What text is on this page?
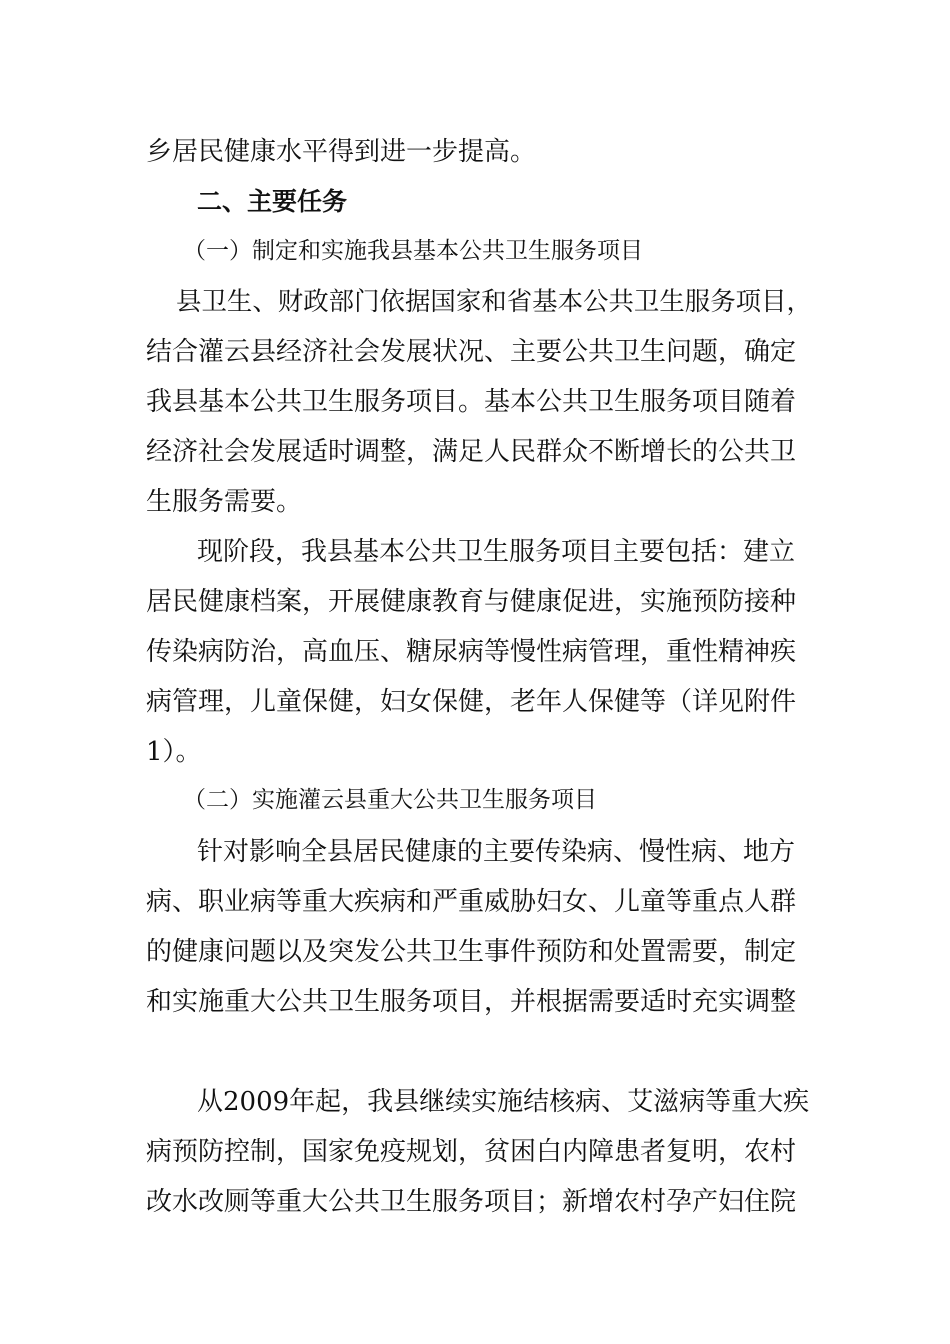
乡居民健康水平得到进一步提高。

二、主要任务

（一）制定和实施我县基本公共卫生服务项目

县卫生、财政部门依据国家和省基本公共卫生服务项目，

结合灌云县经济社会发展状况、主要公共卫生问题，确定

我县基本公共卫生服务项目。基本公共卫生服务项目随着

经济社会发展适时调整，满足人民群众不断增长的公共卫

生服务需要。

现阶段，我县基本公共卫生服务项目主要包括：建立

居民健康档案，开展健康教育与健康促进，实施预防接种

传染病防治，高血压、糖尿病等慢性病管理，重性精神疾

病管理，儿童保健，妇女保健，老年人保健等（详见附件

1）。

（二）实施灌云县重大公共卫生服务项目

针对影响全县居民健康的主要传染病、慢性病、地方

病、职业病等重大疾病和严重威胁妇女、儿童等重点人群

的健康问题以及突发公共卫生事件预防和处置需要，制定

和实施重大公共卫生服务项目，并根据需要适时充实调整

从2009年起，我县继续实施结核病、艾滋病等重大疾

病预防控制，国家免疫规划，贫困白内障患者复明，农村

改水改厕等重大公共卫生服务项目；新增农村孕产妇住院
